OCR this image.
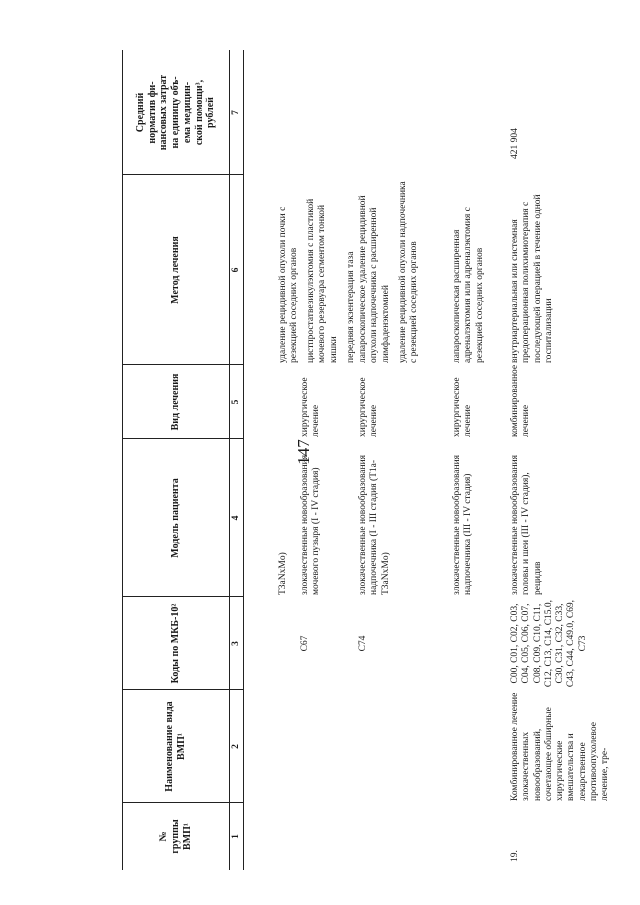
147
№
группы
ВМП¹
Наименование вида
ВМП¹
Коды по МКБ-10²
Модель пациента
Вид лечения
Метод лечения
Средний
норматив фи-
нансовых затрат
на единицу объ-
ема медицин-
ской помощи³,
рублей
1
2
3
4
5
6
7
T3aNxMo)
удаление рецидивной опухоли почки с резекцией соседних органов
C67
злокачественные новообразования мочевого пузыря (I - IV стадия)
хирургическое лечение
цистпростатвезикулэктомия с пластикой мочевого резервуара сегментом тонкой кишки передняя экзентерация таза
C74
злокачественные новообразования надпочечника (I - III стадия (T1a-T3aNxMo)
хирургическое лечение
лапароскопическое удаление рецидивной опухоли надпочечника с расширенной лимфаденэктомией удаление рецидивной опухоли надпочечника с резекцией соседних органов
злокачественные новообразования надпочечника (III - IV стадия)
хирургическое лечение
лапароскопическая расширенная адреналэктомия или адреналэктомия с резекцией соседних органов
19.
Комбинированное лечение злокачественных новообразований, сочетающее обширные хирургические вмешательства и лекарственное противоопухолевое лечение, тре-
C00, C01, C02, C03, C04, C05, C06, C07, C08, C09, C10, C11, C12, C13, C14, C15.0, C30, C31, C32, C33, C43, C44, C49.0, C69, C73
злокачественные новообразования головы и шеи (III - IV стадия), рецидив
комбинированное лечение
внутриартериальная или системная предоперационная полихимиотерапия с последующей операцией в течение одной госпитализации
421 904
